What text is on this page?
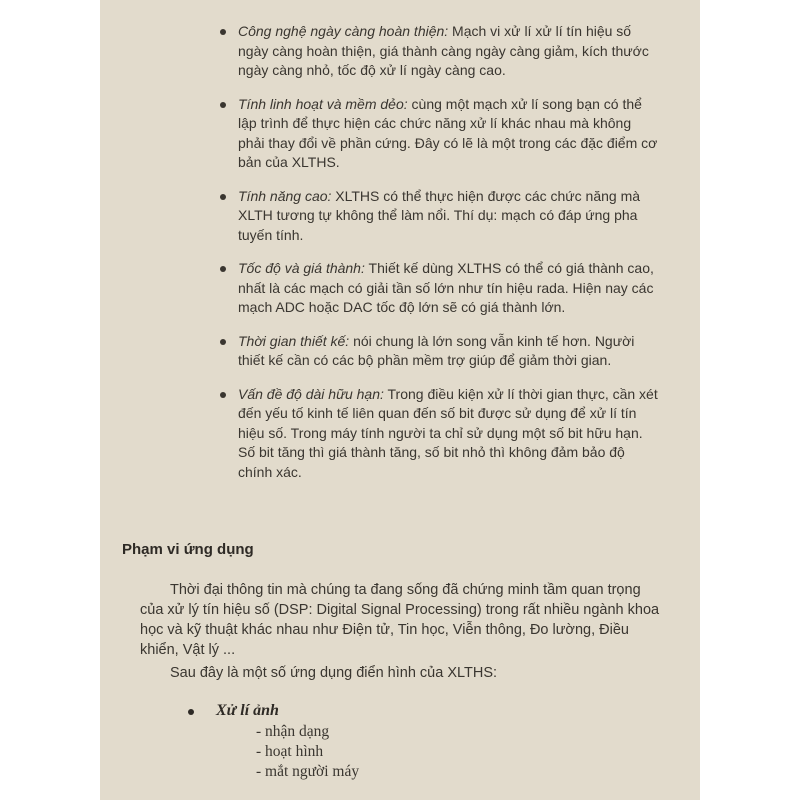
Công nghệ ngày càng hoàn thiện: Mạch vi xử lí xử lí tín hiệu số ngày càng hoàn thiện, giá thành càng ngày càng giảm, kích thước ngày càng nhỏ, tốc độ xử lí ngày càng cao.
Tính linh hoạt và mềm dẻo: cùng một mạch xử lí song bạn có thể lập trình để thực hiện các chức năng xử lí khác nhau mà không phải thay đổi về phần cứng. Đây có lẽ là một trong các đặc điểm cơ bản của XLTHS.
Tính năng cao: XLTHS có thể thực hiện được các chức năng mà XLTH tương tự không thể làm nổi. Thí dụ: mạch có đáp ứng pha tuyến tính.
Tốc độ và giá thành: Thiết kế dùng XLTHS có thể có giá thành cao, nhất là các mạch có giải tần số lớn như tín hiệu rada. Hiện nay các mạch ADC hoặc DAC tốc độ lớn sẽ có giá thành lớn.
Thời gian thiết kế: nói chung là lớn song vẫn kinh tế hơn. Người thiết kế cần có các bộ phần mềm trợ giúp để giảm thời gian.
Vấn đề độ dài hữu hạn: Trong điều kiện xử lí thời gian thực, cần xét đến yếu tố kinh tế liên quan đến số bit được sử dụng để xử lí tín hiệu số. Trong máy tính người ta chỉ sử dụng một số bit hữu hạn. Số bit tăng thì giá thành tăng, số bit nhỏ thì không đảm bảo độ chính xác.
Phạm vi ứng dụng
Thời đại thông tin mà chúng ta đang sống đã chứng minh tầm quan trọng của xử lý tín hiệu số (DSP: Digital Signal Processing) trong rất nhiều ngành khoa học và kỹ thuật khác nhau như Điện tử, Tin học, Viễn thông, Đo lường, Điều khiển, Vật lý ...
Sau đây là một số ứng dụng điển hình của XLTHS:
Xử lí ảnh
- nhận dạng
- hoạt hình
- mắt người máy
